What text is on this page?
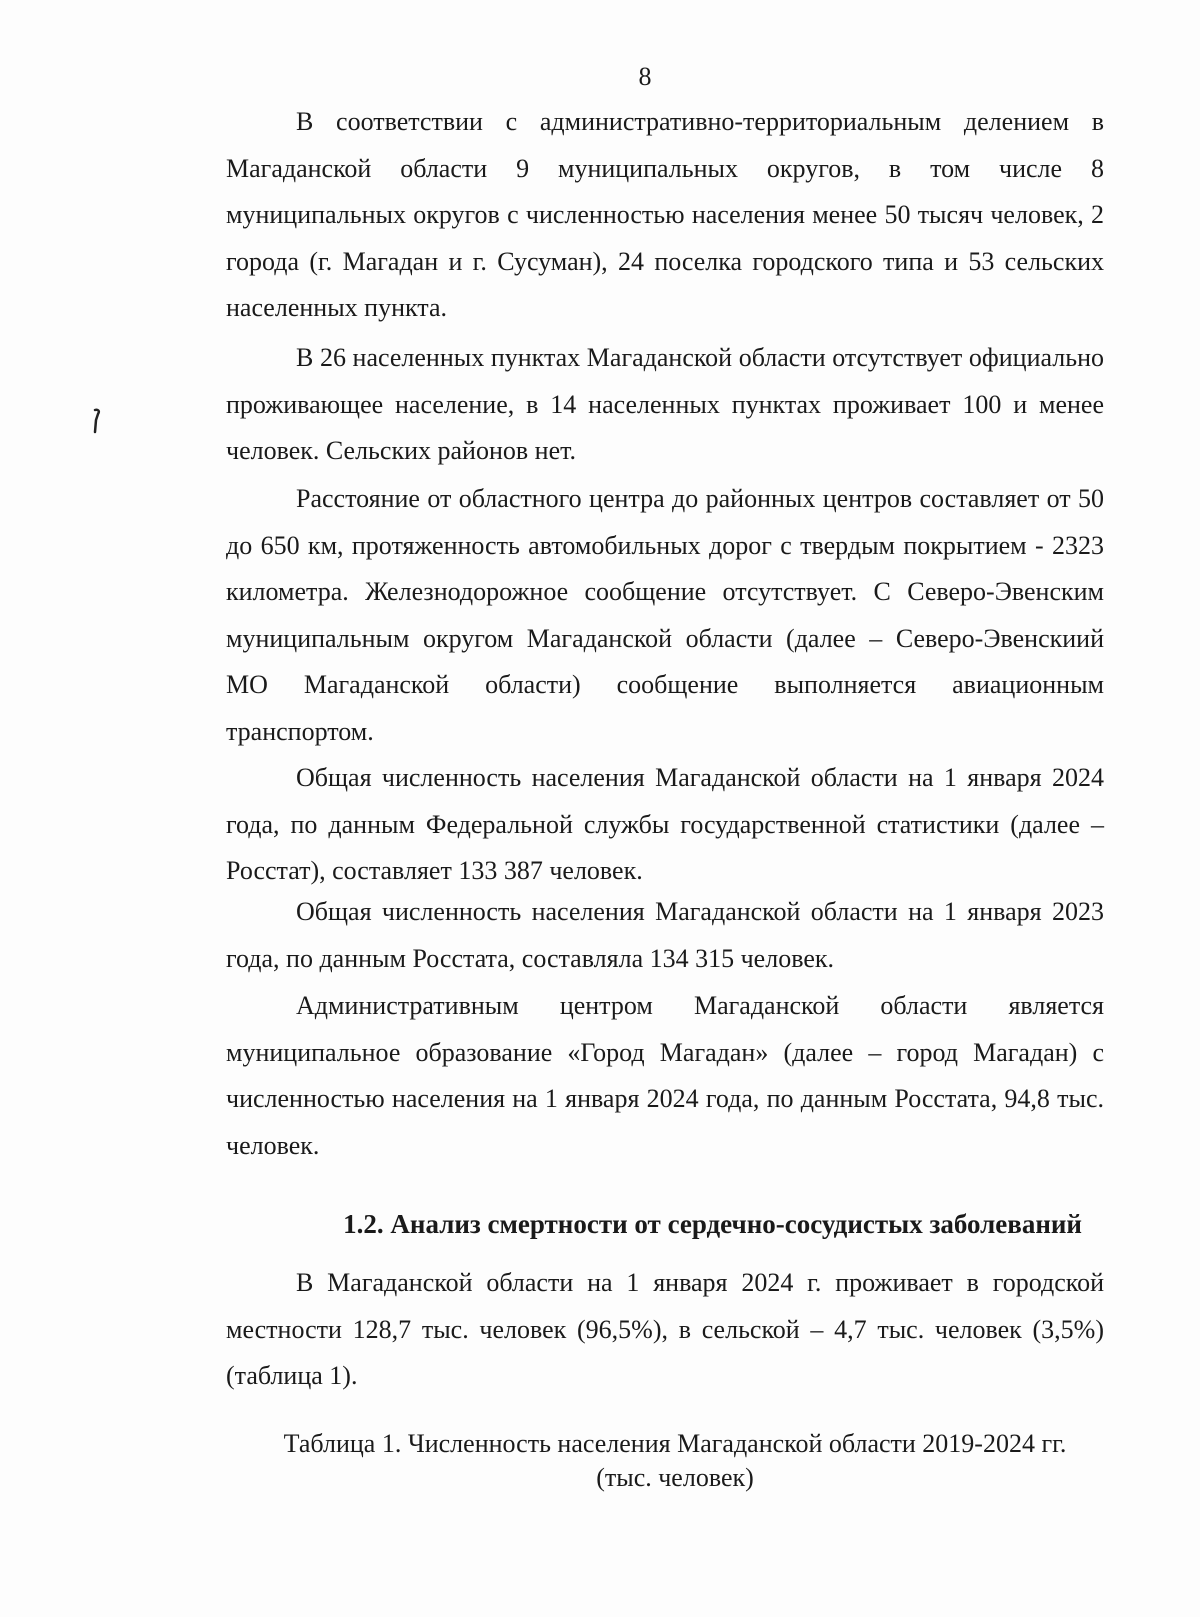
8

В соответствии с административно-территориальным делением в Магаданской области 9 муниципальных округов, в том числе 8 муниципальных округов с численностью населения менее 50 тысяч человек, 2 города (г. Магадан и г. Сусуман), 24 поселка городского типа и 53 сельских населенных пункта.

В 26 населенных пунктах Магаданской области отсутствует официально проживающее население, в 14 населенных пунктах проживает 100 и менее человек. Сельских районов нет.

Расстояние от областного центра до районных центров составляет от 50 до 650 км, протяженность автомобильных дорог с твердым покрытием - 2323 километра. Железнодорожное сообщение отсутствует. С Северо-Эвенским муниципальным округом Магаданской области (далее – Северо-Эвенскиий МО Магаданской области) сообщение выполняется авиационным транспортом.

Общая численность населения Магаданской области на 1 января 2024 года, по данным Федеральной службы государственной статистики (далее – Росстат), составляет 133 387 человек.

Общая численность населения Магаданской области на 1 января 2023 года, по данным Росстата, составляла 134 315 человек.

Административным центром Магаданской области является муниципальное образование «Город Магадан» (далее – город Магадан) с численностью населения на 1 января 2024 года, по данным Росстата, 94,8 тыс. человек.

1.2. Анализ смертности от сердечно-сосудистых заболеваний

В Магаданской области на 1 января 2024 г. проживает в городской местности 128,7 тыс. человек (96,5%), в сельской – 4,7 тыс. человек (3,5%) (таблица 1).

Таблица 1. Численность населения Магаданской области 2019-2024 гг.
(тыс. человек)
